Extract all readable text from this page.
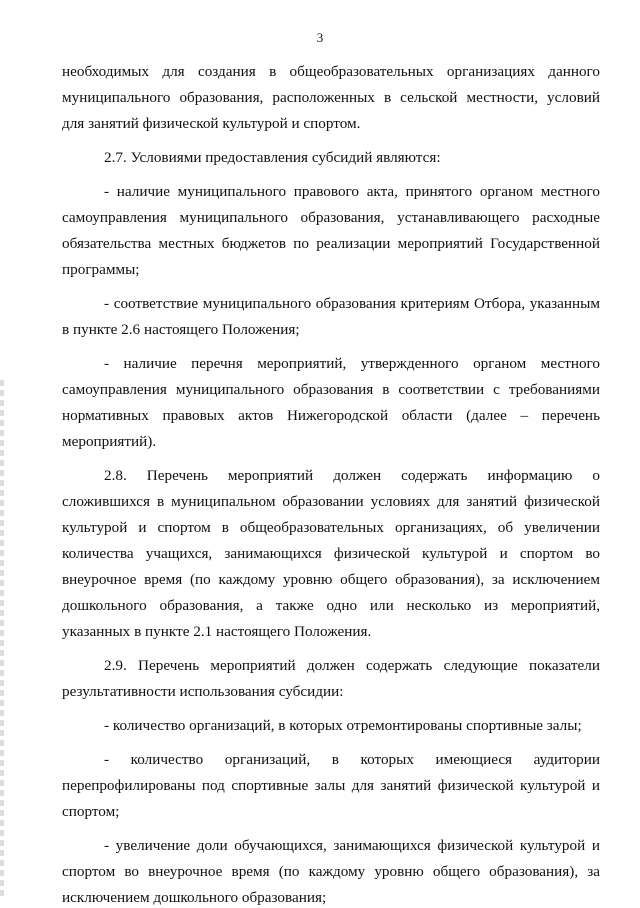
3
необходимых для создания в общеобразовательных организациях данного
муниципального образования, расположенных в сельской местности, условий
для занятий физической культурой и спортом.
2.7. Условиями предоставления субсидий являются:
- наличие муниципального правового акта, принятого органом местного
самоуправления муниципального образования, устанавливающего расходные
обязательства местных бюджетов по реализации мероприятий Государственной
программы;
- соответствие муниципального образования критериям Отбора, указанным
в пункте 2.6 настоящего Положения;
- наличие перечня мероприятий, утвержденного органом местного
самоуправления муниципального образования в соответствии с требованиями
нормативных правовых актов Нижегородской области (далее – перечень
мероприятий).
2.8. Перечень мероприятий должен содержать информацию о
сложившихся в муниципальном образовании условиях для занятий физической
культурой и спортом в общеобразовательных организациях, об увеличении
количества учащихся, занимающихся физической культурой и спортом во
внеурочное время (по каждому уровню общего образования), за исключением
дошкольного образования, а также одно или несколько из мероприятий,
указанных в пункте 2.1 настоящего Положения.
2.9. Перечень мероприятий должен содержать следующие показатели
результативности использования субсидии:
- количество организаций, в которых отремонтированы спортивные залы;
- количество организаций, в которых имеющиеся аудитории
перепрофилированы под спортивные залы для занятий физической культурой и
спортом;
- увеличение доли обучающихся, занимающихся физической культурой и
спортом во внеурочное время (по каждому уровню общего образования), за
исключением дошкольного образования;
